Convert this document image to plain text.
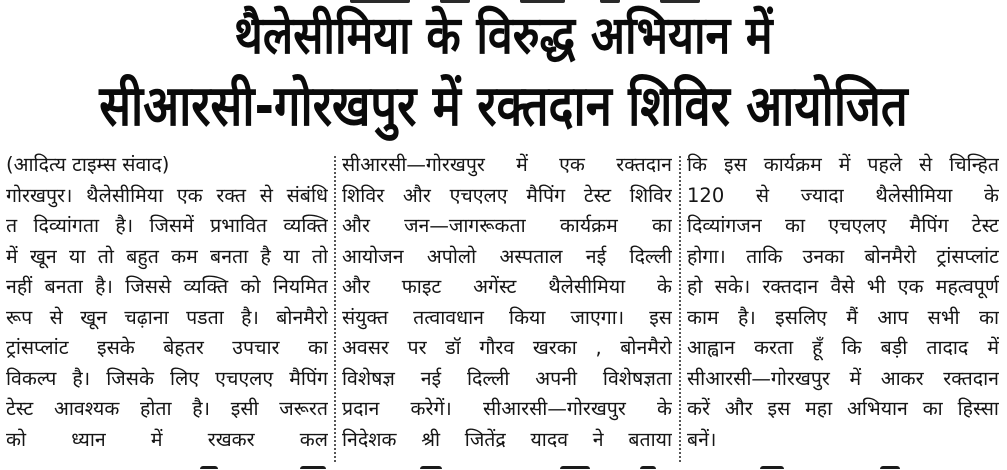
थैलेसीमिया के विरुद्ध अभियान में
सीआरसी-गोरखपुर में रक्तदान शिविर आयोजित
(आदित्य टाइम्स संवाद)
गोरखपुर। थैलेसीमिया एक रक्त से संबंधि
त दिव्यांगता है। जिसमें प्रभावित व्यक्ति
में खून या तो बहुत कम बनता है या तो
नहीं बनता है। जिससे व्यक्ति को नियमित
रूप से खून चढ़ाना पडता है। बोनमैरो
ट्रांसप्लांट इसके बेहतर उपचार का
विकल्प है। जिसके लिए एचएलए मैपिंग
टेस्ट आवश्यक होता है। इसी जरूरत
को ध्यान में रखकर कल
सीआरसी—गोरखपुर में एक रक्तदान
शिविर और एचएलए मैपिंग टेस्ट शिविर
और जन—जागरूकता कार्यक्रम का
आयोजन अपोलो अस्पताल नई दिल्ली
और फाइट अगेंस्ट थैलेसीमिया के
संयुक्त तत्वावधान किया जाएगा। इस
अवसर पर डॉ गौरव खरका , बोनमैरो
विशेषज्ञ नई दिल्ली अपनी विशेषज्ञता
प्रदान करेगें। सीआरसी—गोरखपुर के
निदेशक श्री जितेंद्र यादव ने बताया
कि इस कार्यक्रम में पहले से चिन्हित
120 से ज्यादा थैलेसीमिया के
दिव्यांगजन का एचएलए मैपिंग टेस्ट
होगा। ताकि उनका बोनमैरो ट्रांसप्लांट
हो सके। रक्तदान वैसे भी एक महत्वपूर्ण
काम है। इसलिए मैं आप सभी का
आह्वान करता हूँ कि बड़ी तादाद में
सीआरसी—गोरखपुर में आकर रक्तदान
करें और इस महा अभियान का हिस्सा
बनें।
